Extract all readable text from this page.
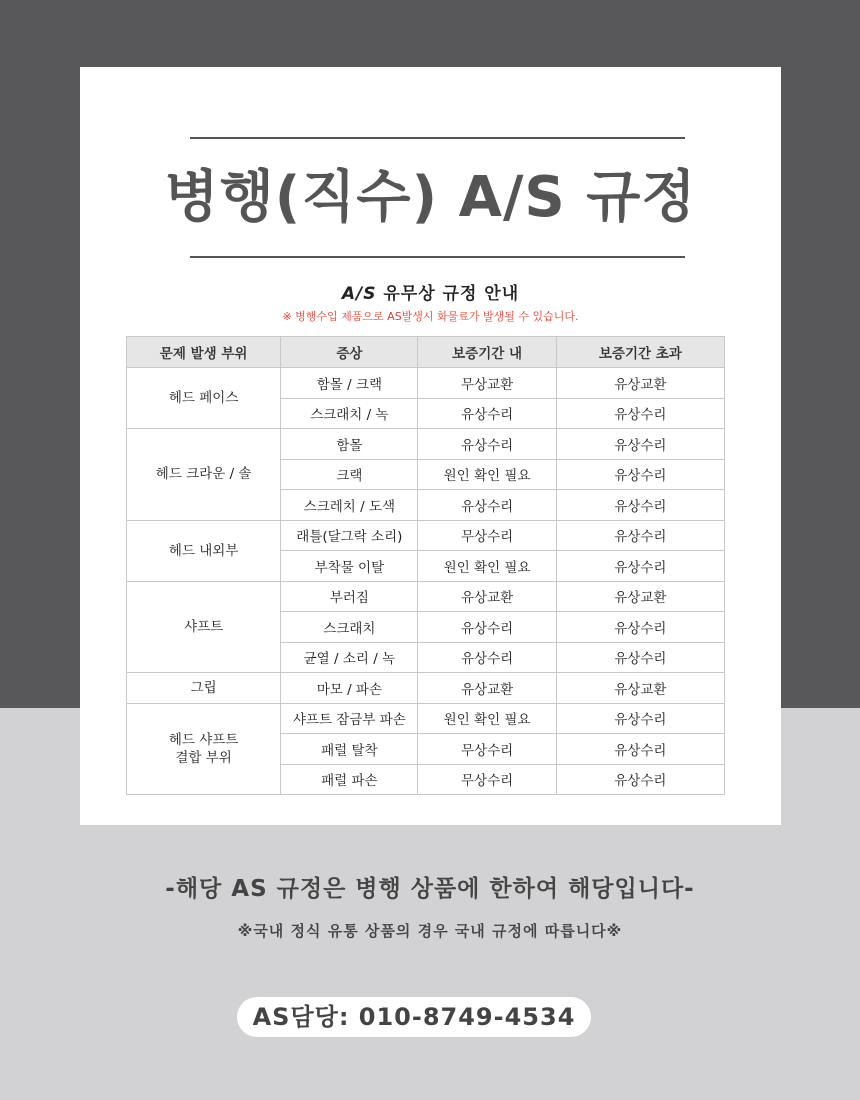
병행(직수) A/S 규정
A/S 유무상 규정 안내
※ 병행수입 제품으로 AS발생시 화물료가 발생될 수 있습니다.
문제 발생 부위	증상	보증기간 내	보증기간 초과
헤드 페이스	함몰 / 크랙	무상교환	유상교환
	스크래치 / 녹	유상수리	유상수리
헤드 크라운 / 솔	함몰	유상수리	유상수리
	크랙	원인 확인 필요	유상수리
	스크레치 / 도색	유상수리	유상수리
헤드 내외부	래틀(달그락 소리)	무상수리	유상수리
	부착물 이탈	원인 확인 필요	유상수리
샤프트	부러짐	유상교환	유상교환
	스크래치	유상수리	유상수리
	균열 / 소리 / 녹	유상수리	유상수리
그립	마모 / 파손	유상교환	유상교환
헤드 샤프트
결합 부위	샤프트 잠금부 파손	원인 확인 필요	유상수리
	패럴 탈착	무상수리	유상수리
	패럴 파손	무상수리	유상수리
-해당 AS 규정은 병행 상품에 한하여 해당입니다-
※국내 정식 유통 상품의 경우 국내 규정에 따릅니다※
AS담당: 010-8749-4534
